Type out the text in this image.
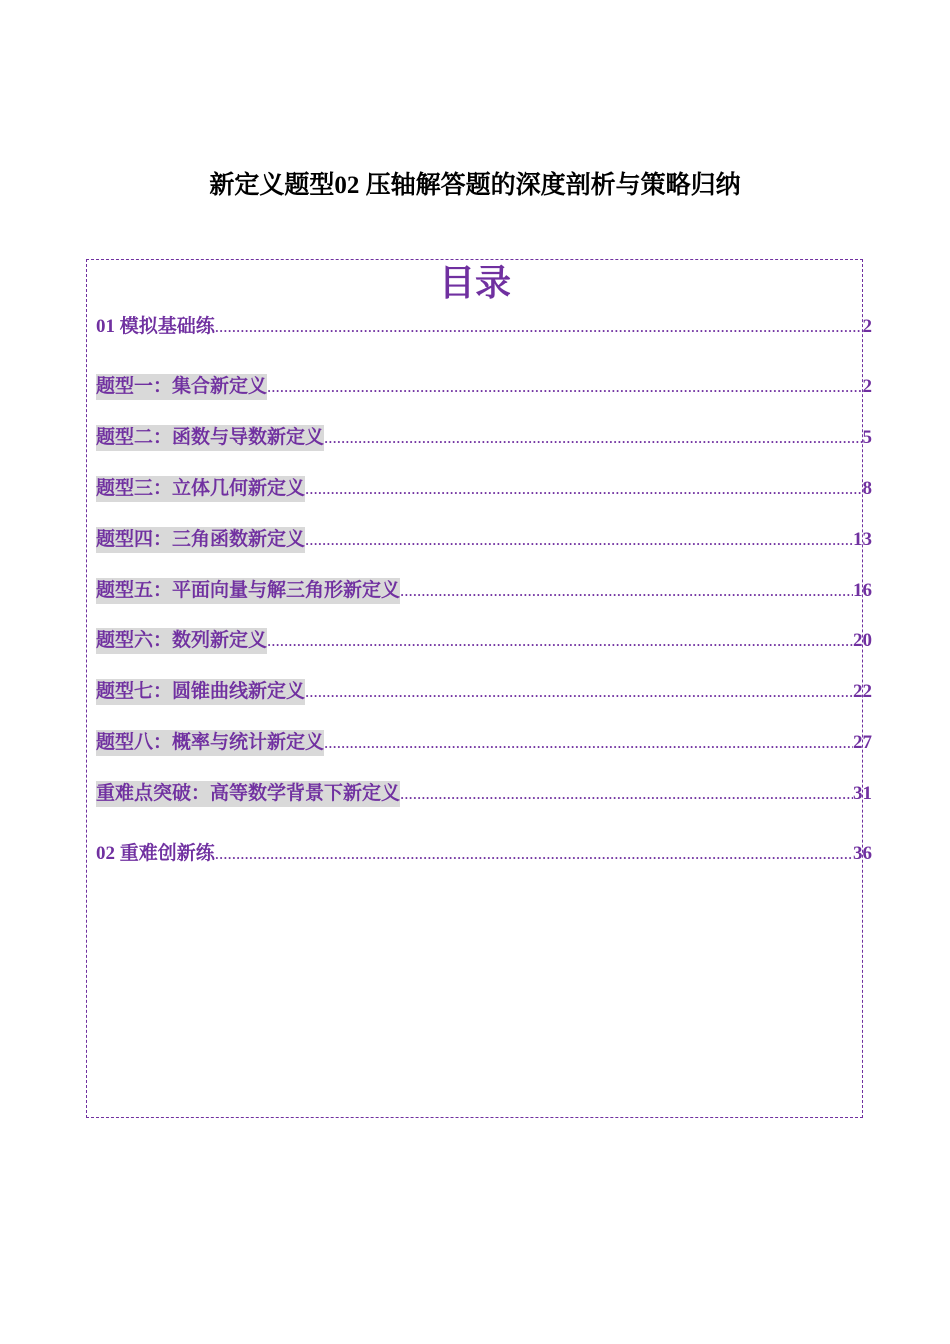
新定义题型02 压轴解答题的深度剖析与策略归纳
目录
01 模拟基础练 .....	2
题型一：集合新定义 .....	2
题型二：函数与导数新定义 .....	5
题型三：立体几何新定义 .....	8
题型四：三角函数新定义 .....	13
题型五：平面向量与解三角形新定义 .....	16
题型六：数列新定义 .....	20
题型七：圆锥曲线新定义 .....	22
题型八：概率与统计新定义 .....	27
重难点突破：高等数学背景下新定义 .....	31
02 重难创新练 .....	36
